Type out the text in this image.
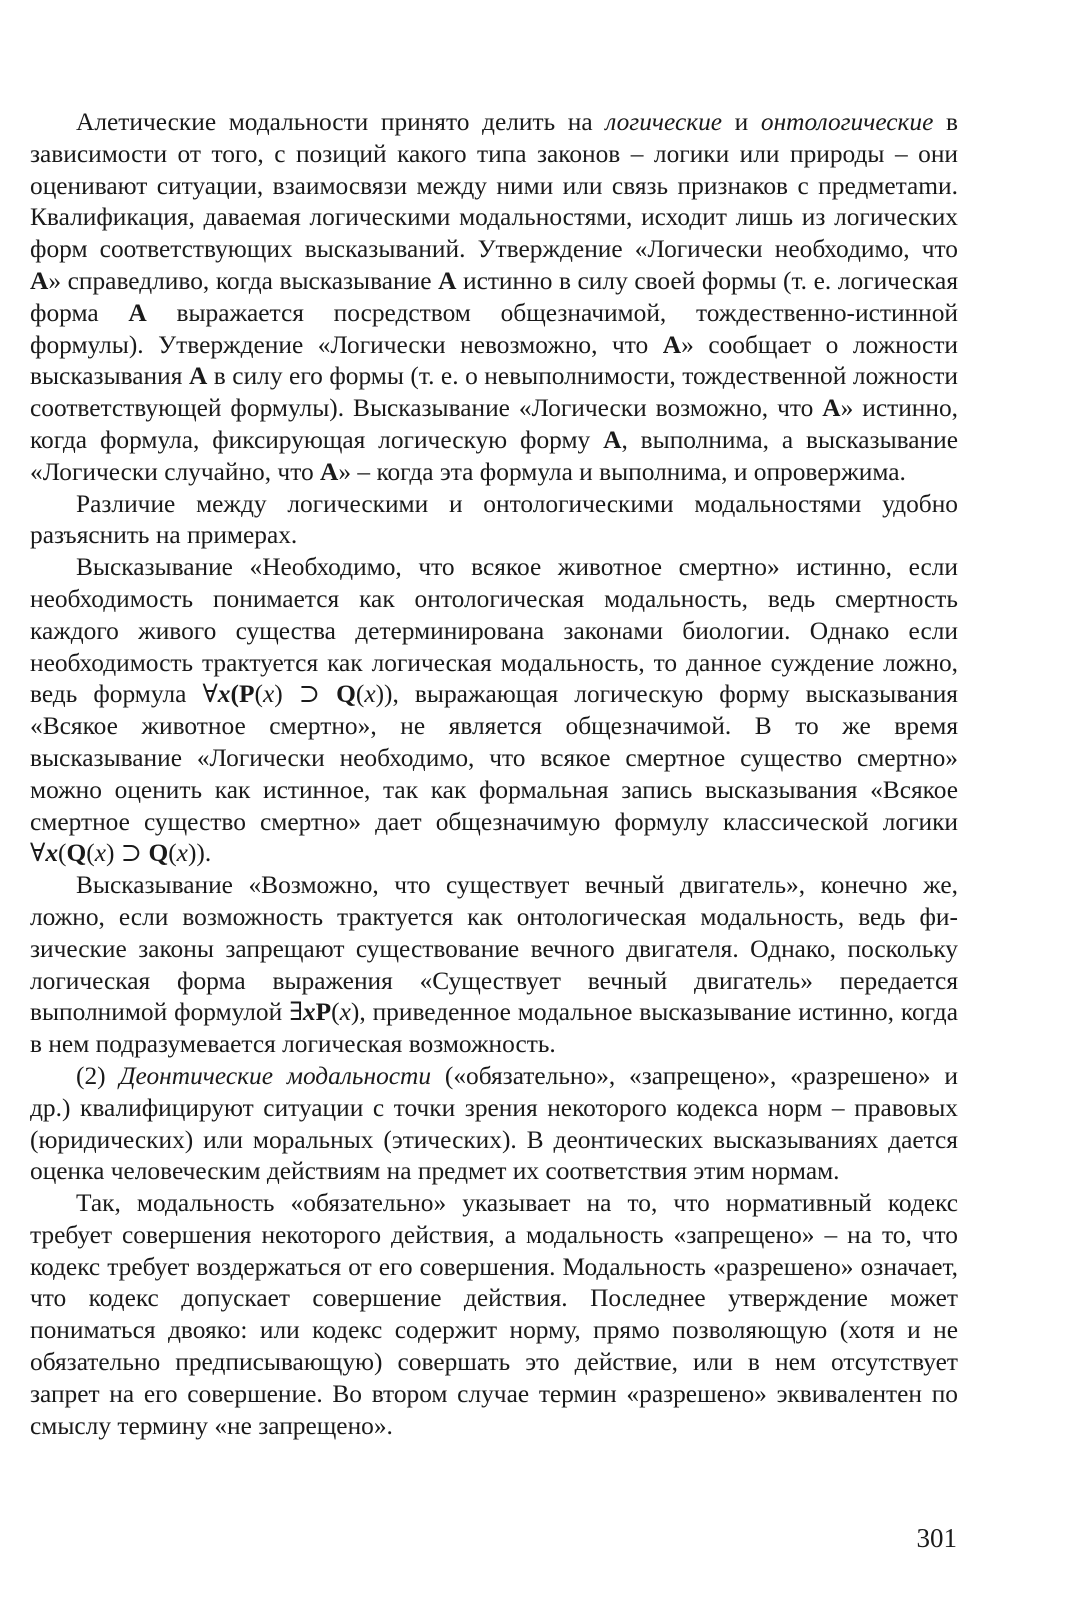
Алетические модальности принято делить на логические и онтологические в зависимости от того, с позиций какого типа законов – логики или природы – они оценивают ситуации, взаимосвязи между ними или связь признаков с предметаmи. Квалификация, даваемая логическими модальностями, исходит лишь из логических форм соответствующих высказываний. Утверждение «Логически необходимо, что A» справедливо, когда высказывание A истинно в силу своей формы (т. е. логическая форма A выражается посредством общезначимой, тождественно-истинной формулы). Утверждение «Логически невозможно, что A» сообщает о ложности высказывания A в силу его формы (т. е. о невыполнимости, тождественной ложности соответствующей формулы). Высказывание «Логически возможно, что A» истинно, когда формула, фиксирующая логическую форму A, выполнима, а высказывание «Логически случайно, что A» – когда эта формула и выполнима, и опровержима.

Различие между логическими и онтологическими модальностями удобно разъяснить на примерах.

Высказывание «Необходимо, что всякое животное смертно» истинно, если необходимость понимается как онтологическая модальность, ведь смертность каждого живого существа детерминирована законами биологии. Однако если необходимость трактуется как логическая модальность, то данное суждение ложно, ведь формула ∀x(P(x) ⊃ Q(x)), выражающая логическую форму высказывания «Всякое животное смертно», не является общезначимой. В то же время высказывание «Логически необходимо, что всякое смертное существо смертно» можно оценить как истинное, так как формальная запись высказывания «Всякое смертное существо смертно» дает общезначимую формулу классической логики ∀x(Q(x) ⊃ Q(x)).

Высказывание «Возможно, что существует вечный двигатель», конечно же, ложно, если возможность трактуется как онтологическая модальность, ведь физические законы запрещают существование вечного двигателя. Однако, поскольку логическая форма выражения «Существует вечный двигатель» передается выполнимой формулой ∃xP(x), приведенное модальное высказывание истинно, когда в нем подразумевается логическая возможность.

(2) Деонтические модальности («обязательно», «запрещено», «разрешено» и др.) квалифицируют ситуации с точки зрения некоторого кодекса норм – правовых (юридических) или моральных (этических). В деонтических высказываниях дается оценка человеческим действиям на предмет их соответствия этим нормам.

Так, модальность «обязательно» указывает на то, что нормативный кодекс требует совершения некоторого действия, а модальность «запрещено» – на то, что кодекс требует воздержаться от его совершения. Модальность «разрешено» означает, что кодекс допускает совершение действия. Последнее утверждение может пониматься двояко: или кодекс содержит норму, прямо позволяющую (хотя и не обязательно предписывающую) совершать это действие, или в нем отсутствует запрет на его совершение. Во втором случае термин «разрешено» эквивалентен по смыслу термину «не запрещено».

301
